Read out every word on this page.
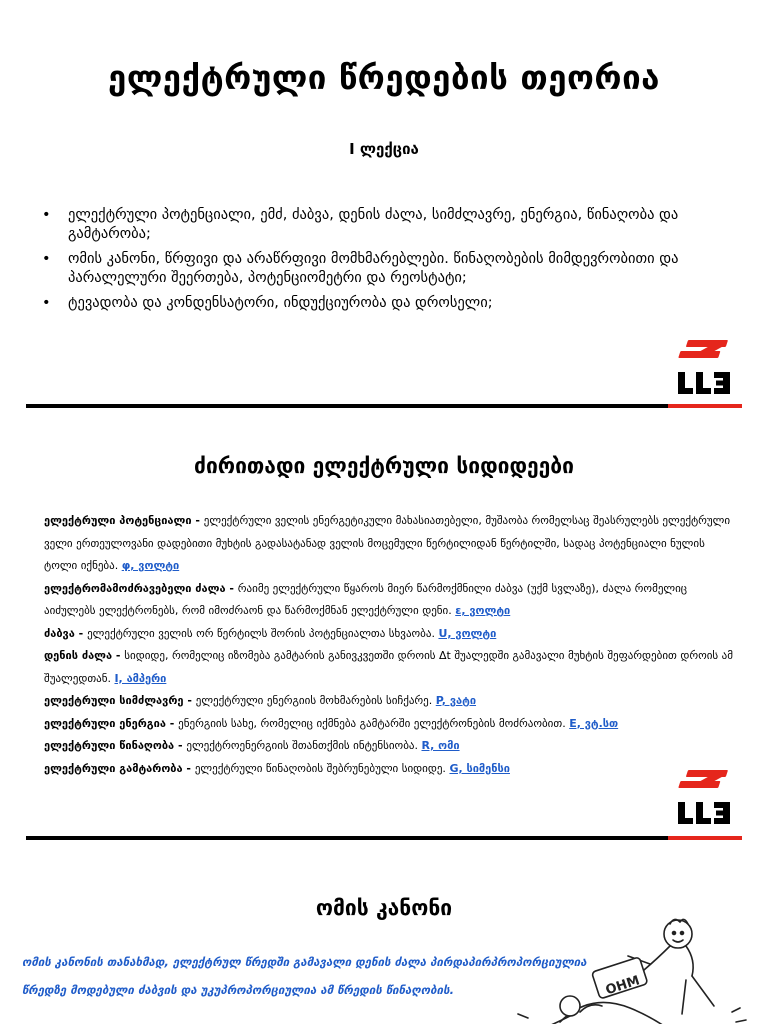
ელექტრული წრედების თეორია
I ლექცია
• ელექტრული პოტენციალი, ემძ, ძაბვა, დენის ძალა, სიმძლავრე, ენერგია, წინაღობა და გამტარობა;
• ომის კანონი, წრფივი და არაწრფივი მომხმარებლები. წინაღობების მიმდევრობითი და პარალელური შეერთება, პოტენციომეტრი და რეოსტატი;
• ტევადობა და კონდენსატორი, ინდუქციურობა და დროსელი;
ძირითადი ელექტრული სიდიდეები

ელექტრული პოტენციალი - ელექტრული ველის ენერგეტიკული მახასიათებელი, მუშაობა რომელსაც შეასრულებს ელექტრული ველი ერთეულოვანი დადებითი მუხტის გადასატანად ველის მოცემული წერტილიდან წერტილში, სადაც პოტენციალი ნულის ტოლი იქნება. φ, ვოლტი

ელექტრომამოძრავებელი ძალა - რაიმე ელექტრული წყაროს მიერ წარმოქმნილი ძაბვა (უქმ სვლაზე), ძალა რომელიც აიძულებს ელექტრონებს, რომ იმოძრაონ და წარმოქმნან ელექტრული დენი. ε, ვოლტი

ძაბვა - ელექტრული ველის ორ წერტილს შორის პოტენციალთა სხვაობა. U, ვოლტი

დენის ძალა - სიდიდე, რომელიც იზომება გამტარის განივკვეთში დროის Δt შუალედში გამავალი მუხტის შეფარდებით დროის ამ შუალედთან. I, ამპერი

ელექტრული სიმძლავრე - ელექტრული ენერგიის მოხმარების სიჩქარე. P, ვატი

ელექტრული ენერგია - ენერგიის სახე, რომელიც იქმნება გამტარში ელექტრონების მოძრაობით. E, ვტ.სთ

ელექტრული წინაღობა - ელექტროენერგიის შთანთქმის ინტენსიობა. R, ომი

ელექტრული გამტარობა - ელექტრული წინაღობის შებრუნებული სიდიდე. G, სიმენსი

ომის კანონი

ომის კანონის თანახმად, ელექტრულ წრედში გამავალი დენის ძალა პირდაპირპროპორციულია

წრედზე მოდებული ძაბვის და უკუპროპორციულია ამ წრედის წინაღობის.	OHM
